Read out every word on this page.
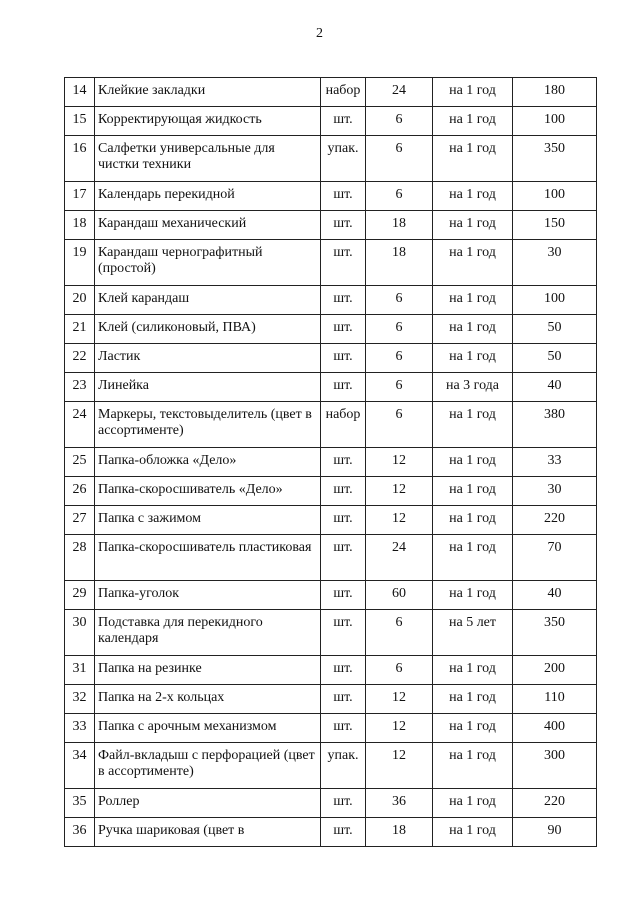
2
14	Клейкие закладки	набор	24	на 1 год	180
15	Корректирующая жидкость	шт.	6	на 1 год	100
16	Салфетки универсальные для чистки техники	упак.	6	на 1 год	350
17	Календарь перекидной	шт.	6	на 1 год	100
18	Карандаш механический	шт.	18	на 1 год	150
19	Карандаш чернографитный (простой)	шт.	18	на 1 год	30
20	Клей карандаш	шт.	6	на 1 год	100
21	Клей (силиконовый, ПВА)	шт.	6	на 1 год	50
22	Ластик	шт.	6	на 1 год	50
23	Линейка	шт.	6	на 3 года	40
24	Маркеры, текстовыделитель (цвет в ассортименте)	набор	6	на 1 год	380
25	Папка-обложка «Дело»	шт.	12	на 1 год	33
26	Папка-скоросшиватель «Дело»	шт.	12	на 1 год	30
27	Папка с зажимом	шт.	12	на 1 год	220
28	Папка-скоросшиватель пластиковая	шт.	24	на 1 год	70
29	Папка-уголок	шт.	60	на 1 год	40
30	Подставка для перекидного календаря	шт.	6	на 5 лет	350
31	Папка на резинке	шт.	6	на 1 год	200
32	Папка на 2-х кольцах	шт.	12	на 1 год	110
33	Папка с арочным механизмом	шт.	12	на 1 год	400
34	Файл-вкладыш с перфорацией (цвет в ассортименте)	упак.	12	на 1 год	300
35	Роллер	шт.	36	на 1 год	220
36	Ручка шариковая (цвет в	шт.	18	на 1 год	90
